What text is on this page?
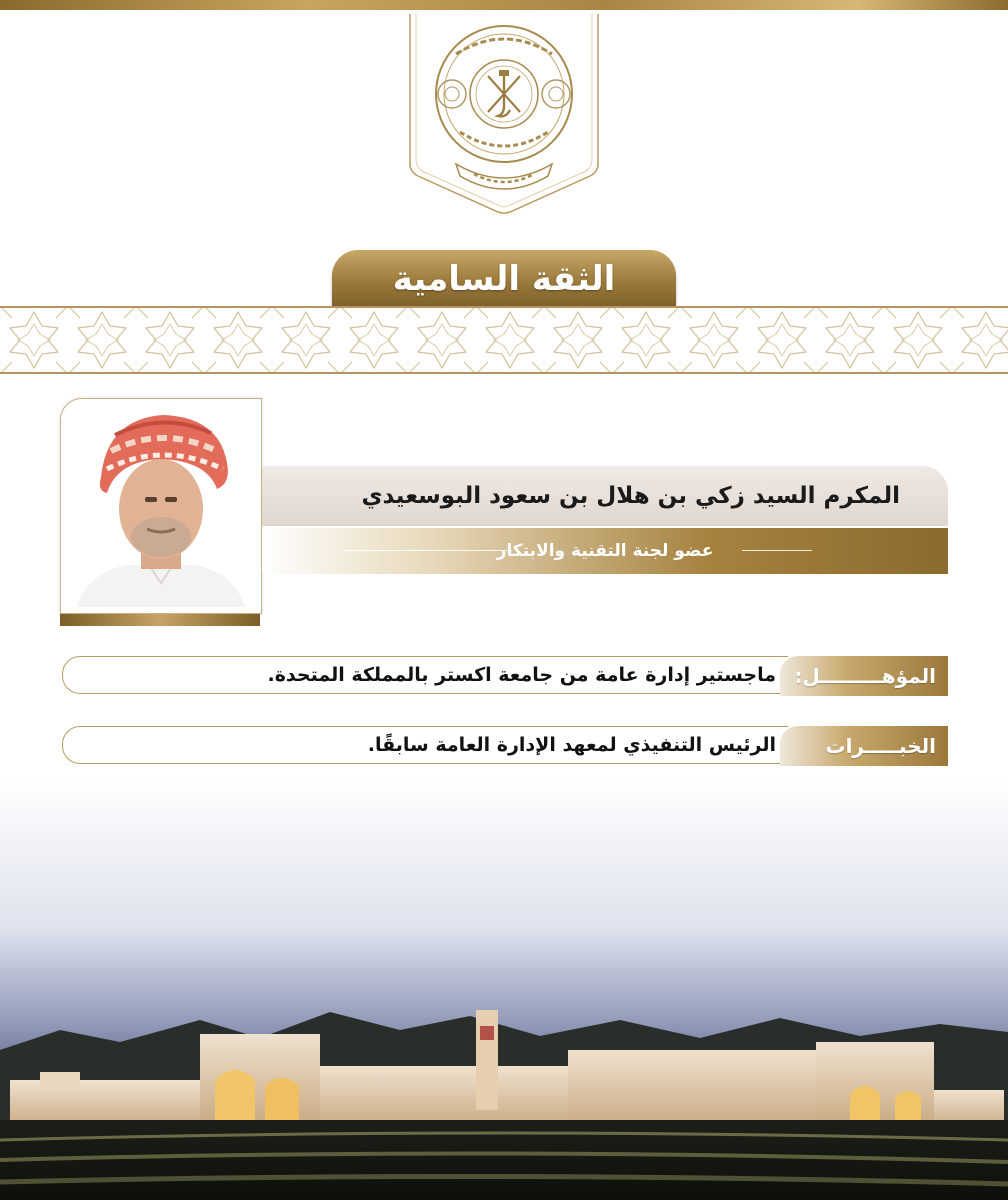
الثقة السامية
المكرم السيد زكي بن هلال بن سعود البوسعيدي
عضو لجنة التقنية والابتكار
ماجستير إدارة عامة من جامعة اكستر بالمملكة المتحدة. المؤهـــــــــل:
الرئيس التنفيذي لمعهد الإدارة العامة سابقًا. الخبـــــرات
